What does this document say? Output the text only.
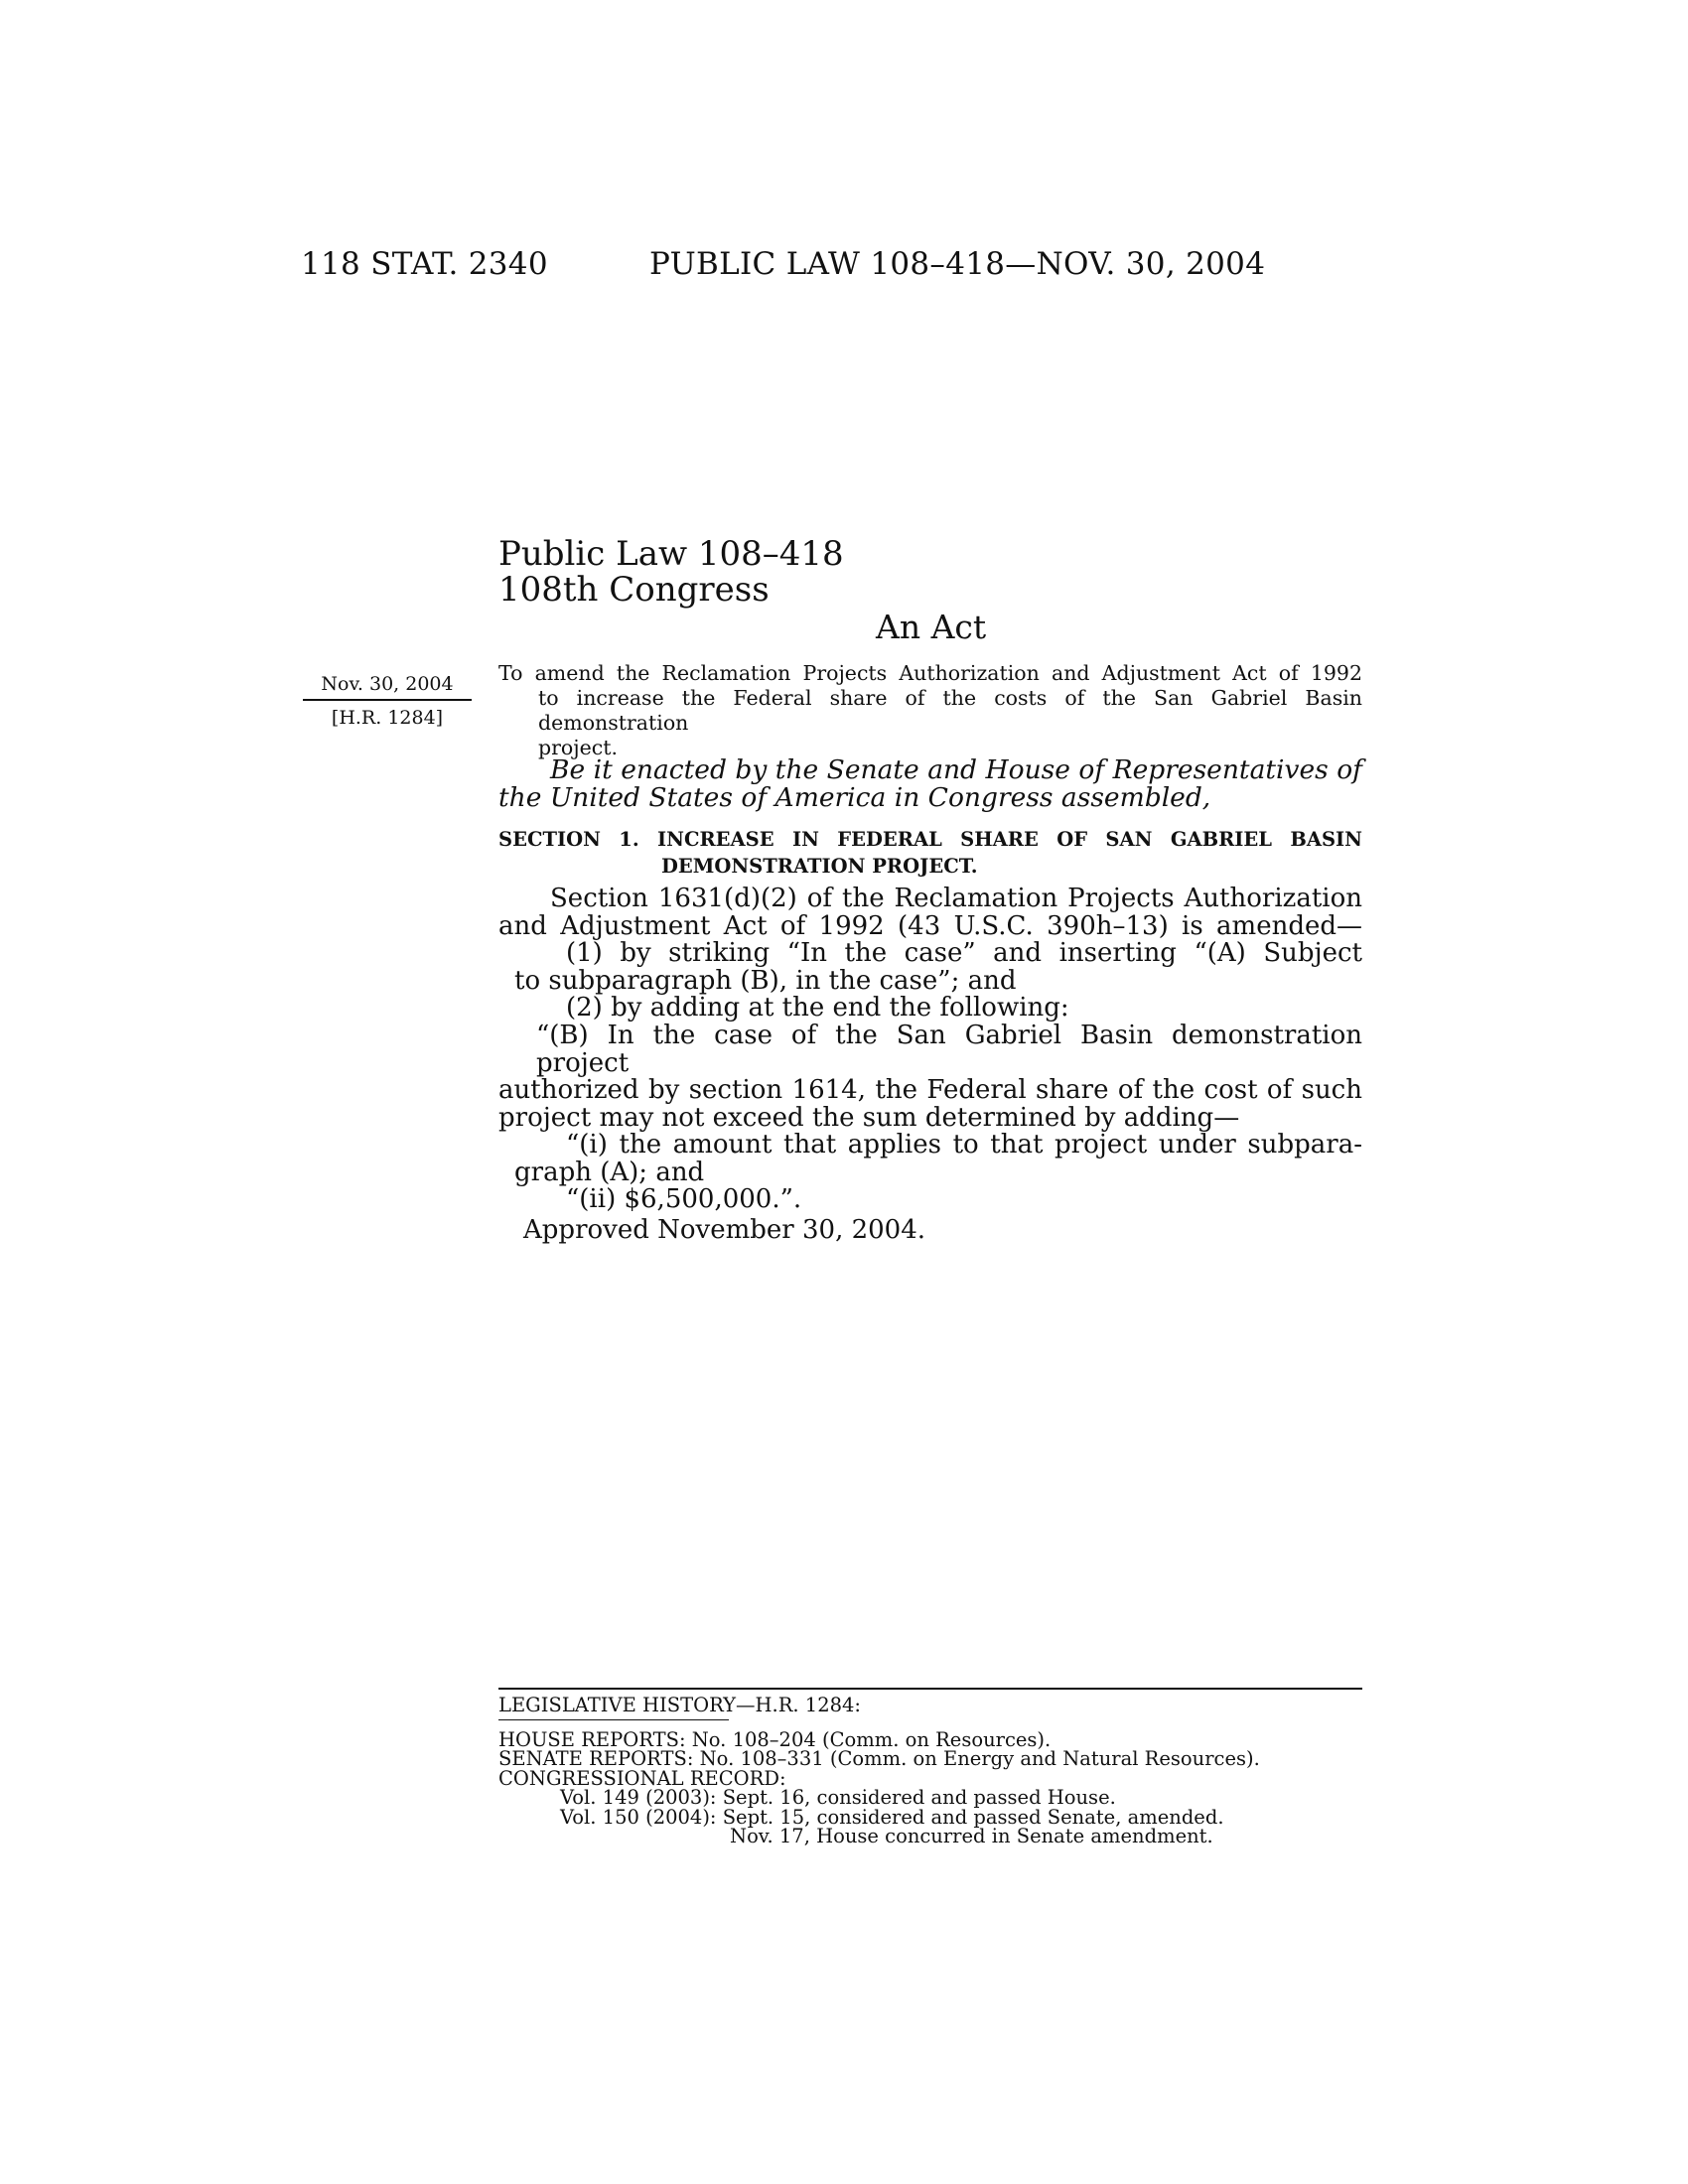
118 STAT. 2340	PUBLIC LAW 108–418—NOV. 30, 2004
Public Law 108–418
108th Congress
An Act
Nov. 30, 2004
[H.R. 1284]
To amend the Reclamation Projects Authorization and Adjustment Act of 1992
to increase the Federal share of the costs of the San Gabriel Basin demonstration
project.
Be it enacted by the Senate and House of Representatives of
the United States of America in Congress assembled,
SECTION 1. INCREASE IN FEDERAL SHARE OF SAN GABRIEL BASIN
DEMONSTRATION PROJECT.
Section 1631(d)(2) of the Reclamation Projects Authorization
and Adjustment Act of 1992 (43 U.S.C. 390h–13) is amended—
(1) by striking “In the case” and inserting “(A) Subject
to subparagraph (B), in the case”; and
(2) by adding at the end the following:
“(B) In the case of the San Gabriel Basin demonstration project
authorized by section 1614, the Federal share of the cost of such
project may not exceed the sum determined by adding—
“(i) the amount that applies to that project under subpara-
graph (A); and
“(ii) $6,500,000.”.
Approved November 30, 2004.
LEGISLATIVE HISTORY—H.R. 1284:
HOUSE REPORTS: No. 108–204 (Comm. on Resources).
SENATE REPORTS: No. 108–331 (Comm. on Energy and Natural Resources).
CONGRESSIONAL RECORD:
Vol. 149 (2003): Sept. 16, considered and passed House.
Vol. 150 (2004): Sept. 15, considered and passed Senate, amended.
Nov. 17, House concurred in Senate amendment.
